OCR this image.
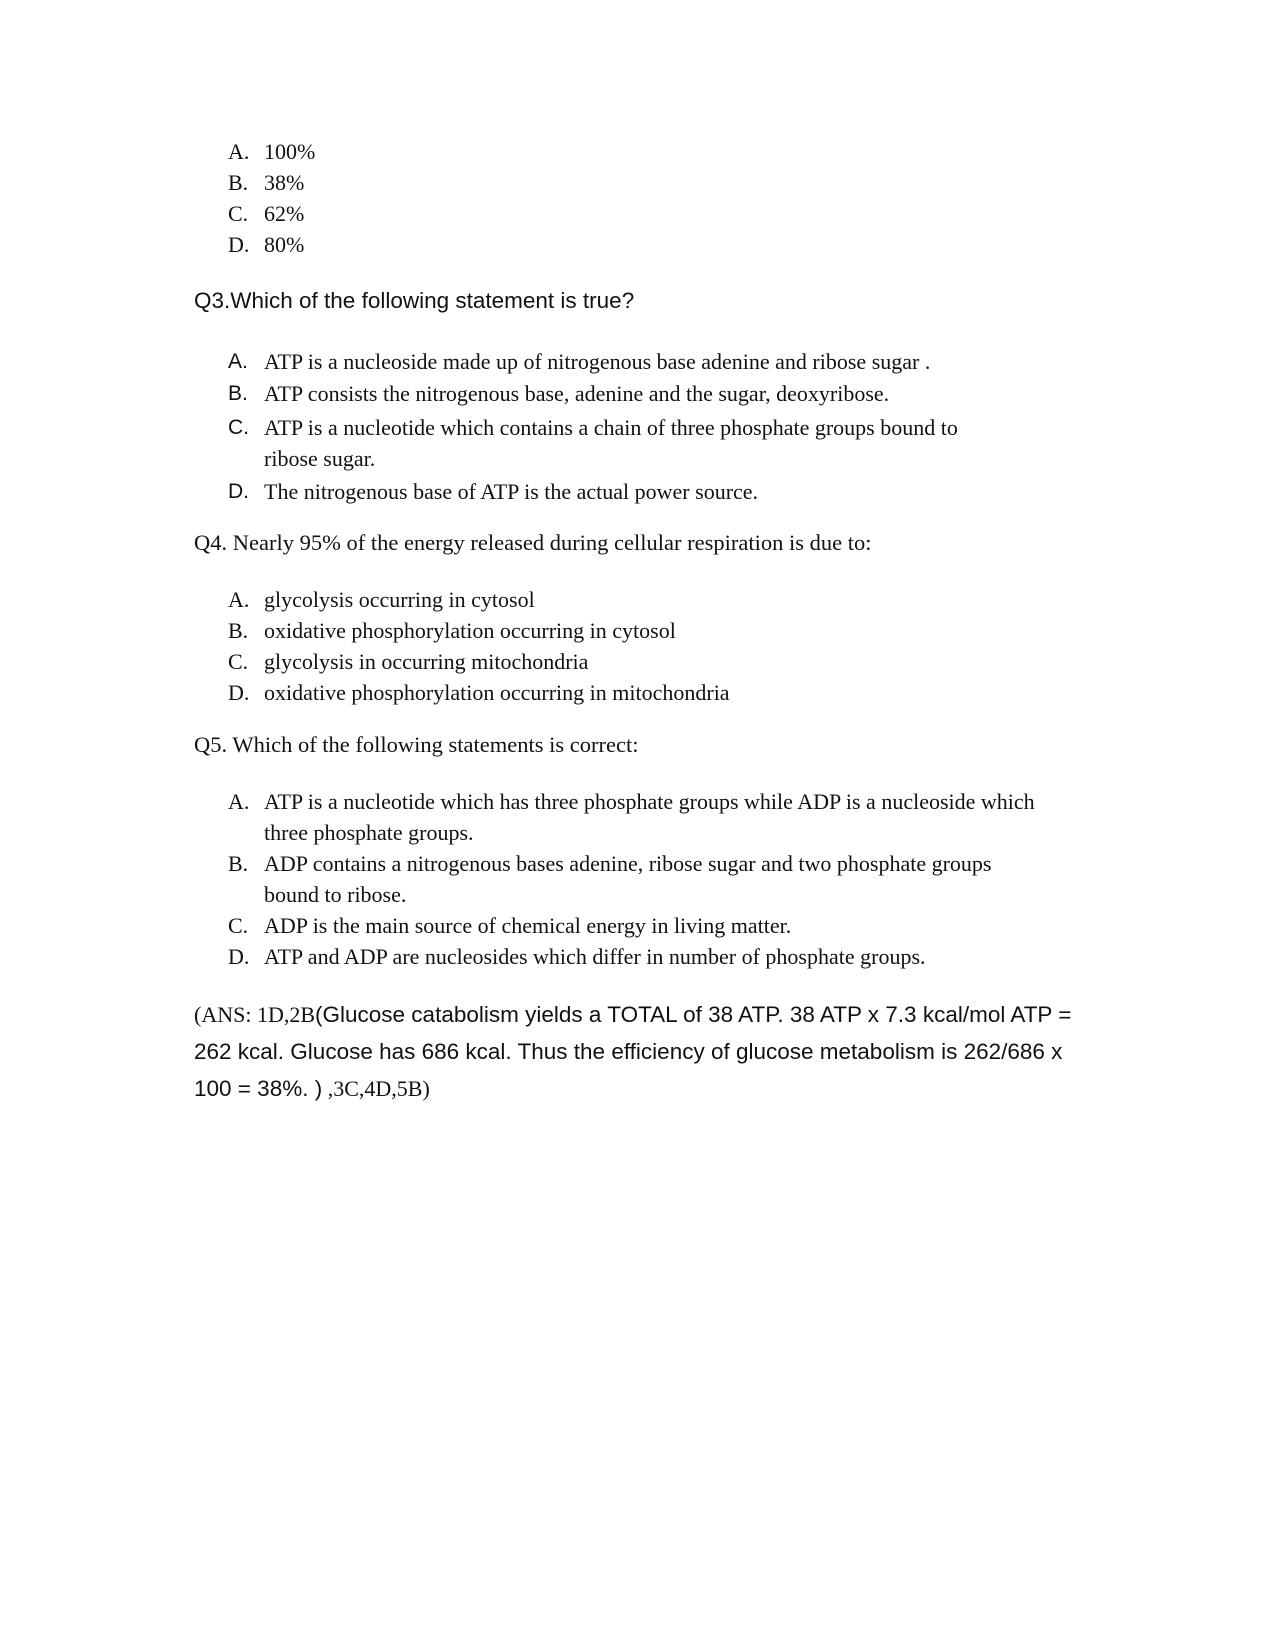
A. 100%
B. 38%
C. 62%
D. 80%
Q3.Which of the following statement is true?
A. ATP is a nucleoside made up of nitrogenous base adenine and ribose sugar .
B. ATP consists the nitrogenous base, adenine and the sugar, deoxyribose.
C. ATP is a nucleotide which contains a chain of three phosphate groups bound to ribose sugar.
D. The nitrogenous base of ATP is the actual power source.
Q4. Nearly 95% of the energy released during cellular respiration is due to:
A. glycolysis occurring in cytosol
B. oxidative phosphorylation occurring in cytosol
C. glycolysis in occurring mitochondria
D. oxidative phosphorylation occurring in mitochondria
Q5. Which of the following statements is correct:
A. ATP is a nucleotide which has three phosphate groups while ADP is a nucleoside which three phosphate groups.
B. ADP contains a nitrogenous bases adenine, ribose sugar and two phosphate groups bound to ribose.
C. ADP is the main source of chemical energy in living matter.
D. ATP and ADP are nucleosides which differ in number of phosphate groups.
(ANS: 1D,2B(Glucose catabolism yields a TOTAL of 38 ATP. 38 ATP x 7.3 kcal/mol ATP = 262 kcal. Glucose has 686 kcal. Thus the efficiency of glucose metabolism is 262/686 x 100 = 38%. ) ,3C,4D,5B)
